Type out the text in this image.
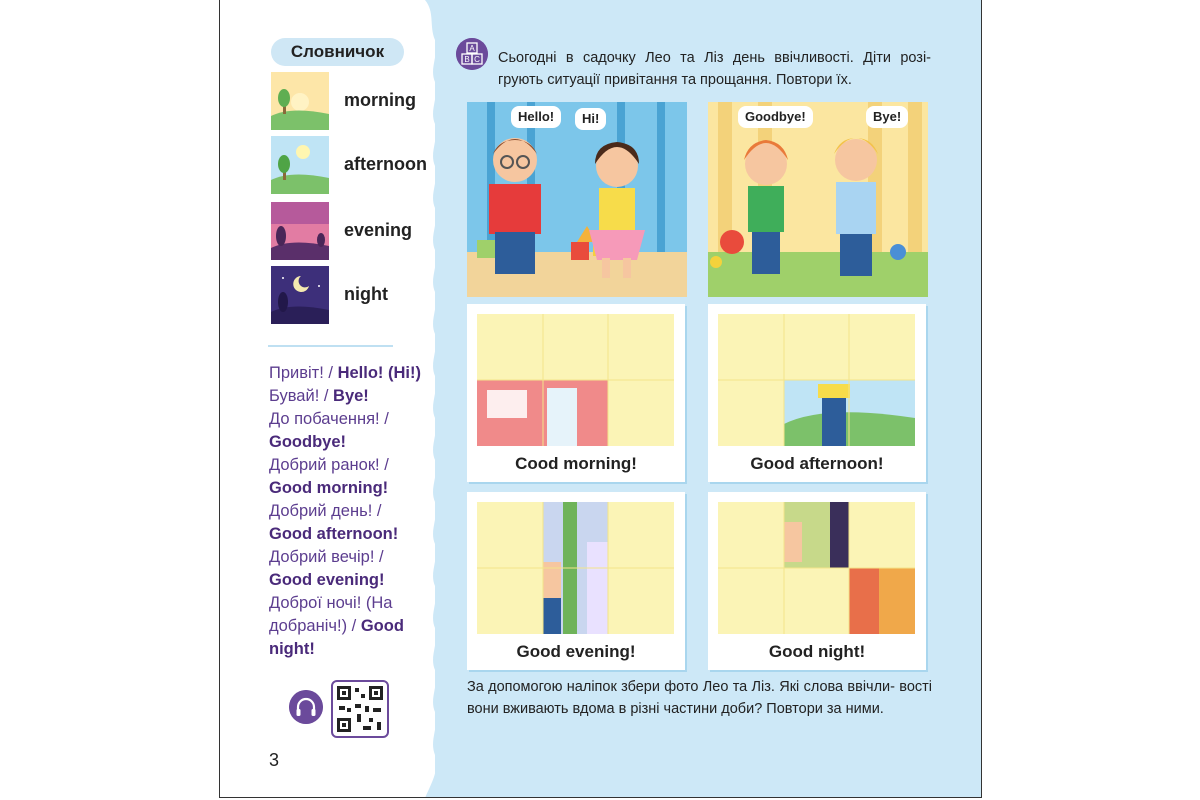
Словничок
morning
afternoon
evening
night
Привіт! / Hello! (Hi!)
Бувай! / Bye!
До побачення! /
Goodbye!
Добрий ранок! /
Good morning!
Добрий день! /
Good afternoon!
Добрий вечір! /
Good evening!
Доброї ночі! (На добраніч!) / Good night!
3
A
B C Сьогодні в садочку Лео та Ліз день ввічливості. Діти розі- грують ситуації привітання та прощання. Повтори їх.
Hello!	Hi!	Goodbye!	Bye!
Cood morning!	Good afternoon!
Good evening!	Good night!
За допомогою наліпок збери фото Лео та Ліз. Які слова ввічли- вості вони вживають вдома в різні частини доби? Повтори за ними.
